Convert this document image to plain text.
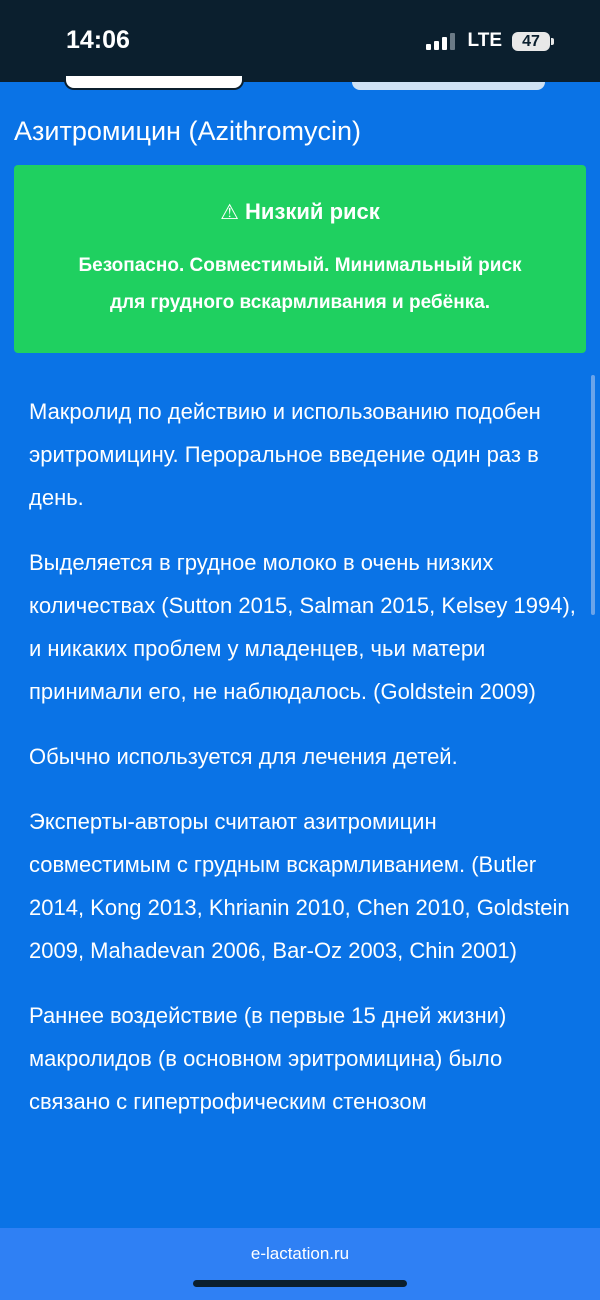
14:06	LTE	47
Азитромицин (Azithromycin)
⚠ Низкий риск
Безопасно. Совместимый. Минимальный риск для грудного вскармливания и ребёнка.

Макролид по действию и использованию подобен эритромицину. Пероральное введение один раз в день.

Выделяется в грудное молоко в очень низких количествах (Sutton 2015, Salman 2015, Kelsey 1994), и никаких проблем у младенцев, чьи матери принимали его, не наблюдалось. (Goldstein 2009)

Обычно используется для лечения детей.

Эксперты-авторы считают азитромицин совместимым с грудным вскармливанием. (Butler 2014, Kong 2013, Khrianin 2010, Chen 2010, Goldstein 2009, Mahadevan 2006, Bar-Oz 2003, Chin 2001)

Раннее воздействие (в первые 15 дней жизни) макролидов (в основном эритромицина) было связано с гипертрофическим стенозом

e-lactation.ru
